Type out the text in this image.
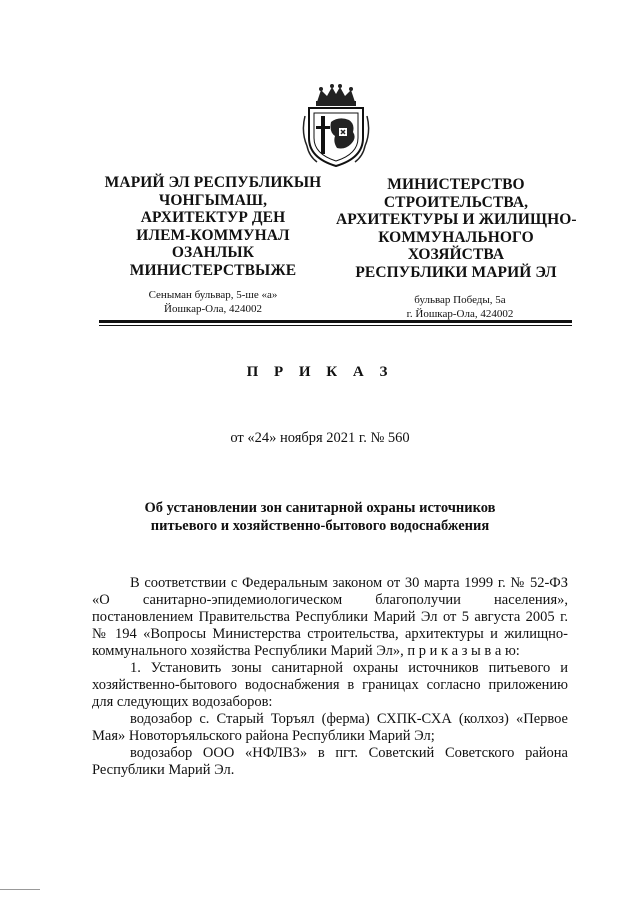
МАРИЙ ЭЛ РЕСПУБЛИКЫН
ЧОНГЫМАШ,
АРХИТЕКТУР ДЕН
ИЛЕМ-КОММУНАЛ
ОЗАНЛЫК
МИНИСТЕРСТВЫЖЕ
МИНИСТЕРСТВО
СТРОИТЕЛЬСТВА,
АРХИТЕКТУРЫ И ЖИЛИЩНО-
КОММУНАЛЬНОГО
ХОЗЯЙСТВА
РЕСПУБЛИКИ МАРИЙ ЭЛ
Сеныман бульвар, 5-ше «а»
Йошкар-Ола, 424002
бульвар Победы, 5а
г. Йошкар-Ола, 424002
П Р И К А З
от «24» ноября 2021 г. № 560
Об установлении зон санитарной охраны источников
питьевого и хозяйственно-бытового водоснабжения

В соответствии с Федеральным законом от 30 марта 1999 г. № 52-ФЗ «О санитарно-эпидемиологическом благополучии населения», постановлением Правительства Республики Марий Эл от 5 августа 2005 г. № 194 «Вопросы Министерства строительства, архитектуры и жилищно-коммунального хозяйства Республики Марий Эл», п р и к а з ы в а ю:

1. Установить зоны санитарной охраны источников питьевого и хозяйственно-бытового водоснабжения в границах согласно приложению для следующих водозаборов:

водозабор с. Старый Торъял (ферма) СХПК-СХА (колхоз) «Первое Мая» Новоторъяльского района Республики Марий Эл;

водозабор ООО «НФЛВЗ» в пгт. Советский Советского района Республики Марий Эл.
